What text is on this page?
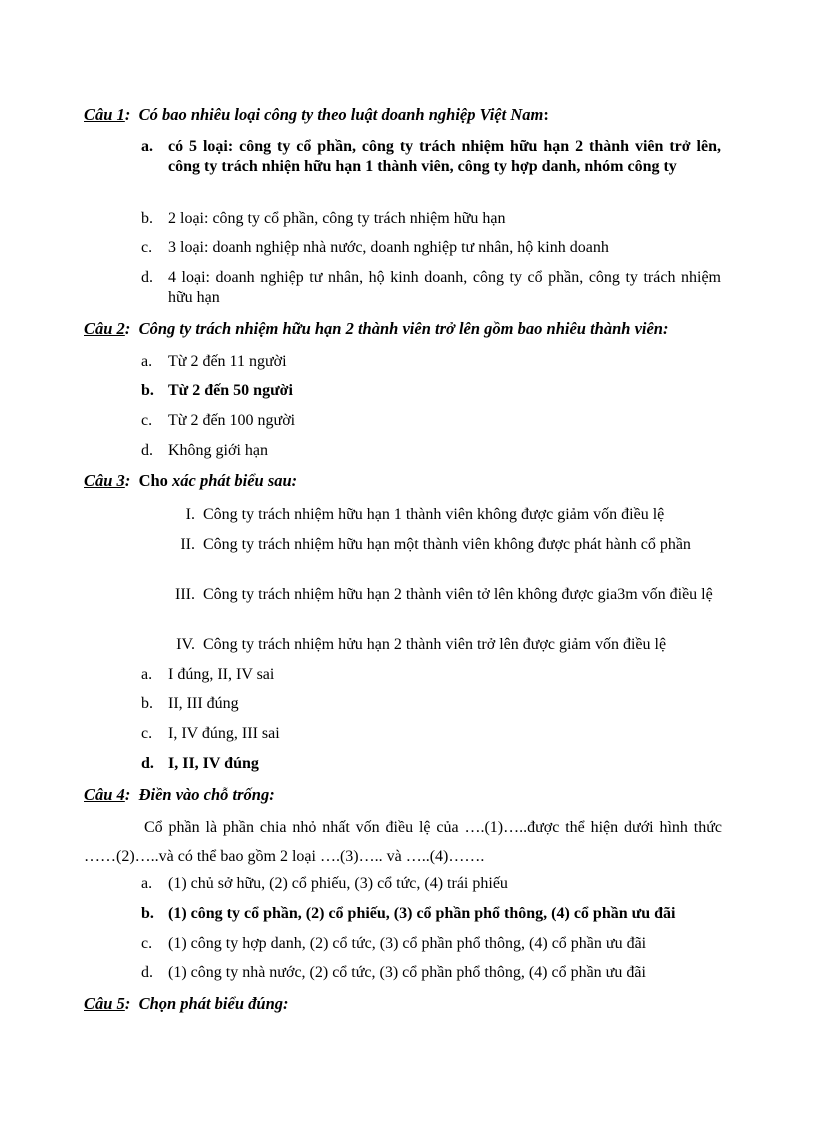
Câu 1: Có bao nhiêu loại công ty theo luật doanh nghiệp Việt Nam:
a. có 5 loại: công ty cổ phần, công ty trách nhiệm hữu hạn 2 thành viên trở lên, công ty trách nhiện hữu hạn 1 thành viên, công ty hợp danh, nhóm công ty
b. 2 loại: công ty cổ phần, công ty trách nhiệm hữu hạn
c. 3 loại: doanh nghiệp nhà nước, doanh nghiệp tư nhân, hộ kinh doanh
d. 4 loại: doanh nghiệp tư nhân, hộ kinh doanh, công ty cổ phần, công ty trách nhiệm hữu hạn
Câu 2: Công ty trách nhiệm hữu hạn 2 thành viên trở lên gồm bao nhiêu thành viên:
a. Từ 2 đến 11 người
b. Từ 2 đến 50 người
c. Từ 2 đến 100 người
d. Không giới hạn
Câu 3: Cho xác phát biểu sau:
I. Công ty trách nhiệm hữu hạn 1 thành viên không được giảm vốn điều lệ
II. Công ty trách nhiệm hữu hạn một thành viên không được phát hành cổ phần
III. Công ty trách nhiệm hữu hạn 2 thành viên tở lên không được gia3m vốn điều lệ
IV. Công ty trách nhiệm hửu hạn 2 thành viên trở lên được giảm vốn điều lệ
a. I đúng, II, IV sai
b. II, III đúng
c. I, IV đúng, III sai
d. I, II, IV đúng
Câu 4: Điền vào chỗ trống:
Cổ phần là phần chia nhỏ nhất vốn điều lệ của ….(1)…..được thể hiện dưới hình thức ……(2)…..và có thể bao gồm 2 loại ….(3)….. và …..(4)…….
a. (1) chủ sở hữu, (2) cổ phiếu, (3) cổ tức, (4) trái phiếu
b. (1) công ty cổ phần, (2) cổ phiếu, (3) cổ phần phổ thông, (4) cổ phần ưu đãi
c. (1) công ty hợp danh, (2) cổ tức, (3) cổ phần phổ thông, (4) cổ phần ưu đãi
d. (1) công ty nhà nước, (2) cổ tức, (3) cổ phần phổ thông, (4) cổ phần ưu đãi
Câu 5: Chọn phát biểu đúng:
